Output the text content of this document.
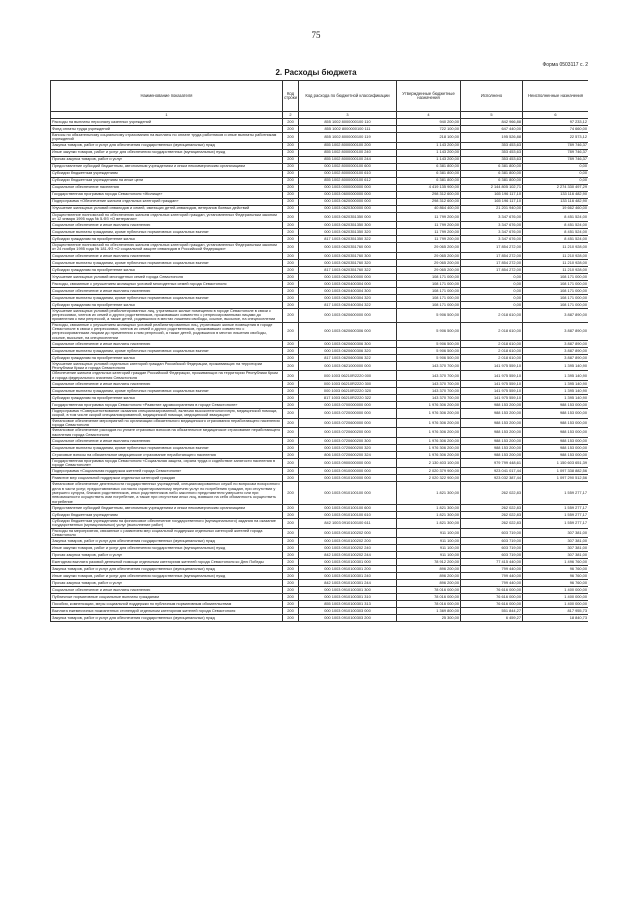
75
Форма 0503117 с. 2
2. Расходы бюджета
Наименование показателя	Код строки	Код расхода по бюджетной классификации	Утвержденные бюджетные назначения	Исполнено	Неисполненные назначения
1	2	3	4	5	6
Расходы на выплаты персоналу казенных учреждений	200	855 1002 8000000100 110	940 200,00	842 966,88	97 233,12
Фонд оплаты труда учреждений	200	855 1002 8000000100 111	722 100,00	647 440,00	74 660,00
Взносы по обязательному социальному страхованию на выплаты по оплате труда работников и иные выплаты работникам учреждений	200	855 1002 8000000100 119	218 100,00	195 526,88	22 573,12
Закупка товаров, работ и услуг для обеспечения государственных (муниципальных) нужд	200	855 1002 8000000100 200	1 143 200,00	353 453,63	789 746,37
Иные закупки товаров, работ и услуг для обеспечения государственных (муниципальных) нужд	200	855 1002 8000000100 240	1 143 200,00	353 453,63	789 746,37
Прочая закупка товаров, работ и услуг	200	855 1002 8000000100 244	1 143 200,00	353 453,63	789 746,37
Предоставление субсидий бюджетным, автономным учреждениям и иным некоммерческим организациям	200	000 1002 8000000100 600	6 381 800,00	6 381 800,00	0,00
Субсидии бюджетным учреждениям	200	000 1002 8000000100 610	6 381 800,00	6 381 800,00	0,00
Субсидии бюджетным учреждениям на иные цели	200	855 1002 8000000100 612	6 381 800,00	6 381 800,00	0,00
Социальное обеспечение населения	200	000 1003 0000000000 000	4 419 135 900,00	2 144 805 102,71	2 274 330 497,29
Государственная программа города Севастополя «Жилище»	200	000 1003 0600000000 000	298 312 600,00	165 196 117,10	133 116 482,90
Подпрограмма «Обеспечение жильем отдельных категорий граждан»	200	000 1003 0620000000 000	298 312 600,00	165 196 117,10	133 116 482,90
Улучшение жилищных условий инвалидов и семей, имеющих детей-инвалидов, ветеранов боевых действий	200	000 1003 0620300000 000	40 864 400,00	21 201 940,00	19 662 460,00
Осуществление полномочий по обеспечению жильем отдельных категорий граждан, установленных Федеральным законом от 12 января 1995 года № 5-ФЗ «О ветеранах»	200	000 1003 0620351350 000	11 799 200,00	3 347 676,00	8 451 524,00
Социальное обеспечение и иные выплаты населению	200	000 1003 0620351350 300	11 799 200,00	3 347 676,00	8 451 524,00
Социальные выплаты гражданам, кроме публичных нормативных социальных выплат	200	000 1003 0620351350 320	11 799 200,00	3 347 676,00	8 451 524,00
Субсидии гражданам на приобретение жилья	200	817 1003 0620351350 322	11 799 200,00	3 347 676,00	8 451 524,00
Осуществление полномочий по обеспечению жильем отдельных категорий граждан, установленных Федеральным законом от 24 ноября 1995 года № 181-ФЗ «О социальной защите инвалидов в Российской Федерации»	200	000 1003 0620351760 000	29 065 200,00	17 854 272,00	11 210 928,00
Социальное обеспечение и иные выплаты населению	200	000 1003 0620351760 300	29 065 200,00	17 854 272,00	11 210 928,00
Социальные выплаты гражданам, кроме публичных нормативных социальных выплат	200	000 1003 0620351760 320	29 065 200,00	17 854 272,00	11 210 928,00
Субсидии гражданам на приобретение жилья	200	817 1003 0620351760 322	29 065 200,00	17 854 272,00	11 210 928,00
Улучшение жилищных условий многодетных семей города Севастополя	200	000 1003 0620400000 000	108 171 000,00	0,00	108 171 000,00
Расходы, связанные с улучшением жилищных условий многодетных семей города Севастополя	200	000 1003 0620400304 000	108 171 000,00	0,00	108 171 000,00
Социальное обеспечение и иные выплаты населению	200	000 1003 0620400304 300	108 171 000,00	0,00	108 171 000,00
Социальные выплаты гражданам, кроме публичных нормативных социальных выплат	200	000 1003 0620400304 320	108 171 000,00	0,00	108 171 000,00
Субсидии гражданам на приобретение жилья	200	817 1003 0620400304 322	108 171 000,00	0,00	108 171 000,00
Улучшение жилищных условий реабилитированных лиц, утративших жилые помещения в городе Севастополе в связи с репрессиями, членов их семей и других родственников, проживавших совместно с репрессированными лицами до применения к ним репрессий, а также детей, родившихся в местах лишения свободы, ссылке, высылке, на спецпоселении	200	000 1003 0620600000 000	5 906 500,00	2 018 610,00	3 887 890,00
Расходы, связанные с улучшением жилищных условий реабилитированных лиц, утративших жилые помещения в городе Севастополе в связи с репрессиями, членов их семей и других родственников, проживавших совместно с репрессированными лицами до применения к ним репрессий, а также детей, родившихся в местах лишения свободы, ссылке, высылке, на спецпоселении	200	000 1003 0620600306 000	5 906 500,00	2 018 610,00	3 887 890,00
Социальное обеспечение и иные выплаты населению	200	000 1003 0620600306 300	5 906 500,00	2 018 610,00	3 887 890,00
Социальные выплаты гражданам, кроме публичных нормативных социальных выплат	200	000 1003 0620600306 320	5 906 500,00	2 018 610,00	3 887 890,00
Субсидии гражданам на приобретение жилья	200	817 1003 0620600306 322	5 906 500,00	2 018 610,00	3 887 890,00
Улучшение жилищных условий отдельных категорий граждан Российской Федерации, проживающих на территории Республики Крым и города Севастополя	200	000 1003 0621000000 000	143 370 700,00	141 975 559,10	1 395 140,90
Обеспечение жильем отдельных категорий граждан Российской Федерации, проживающих на территории Республики Крым и города федерального значения Севастополя	200	000 1003 06210R2220 000	143 370 700,00	141 975 559,10	1 395 140,90
Социальное обеспечение и иные выплаты населению	200	000 1003 06210R2220 300	143 370 700,00	141 975 559,10	1 395 140,90
Социальные выплаты гражданам, кроме публичных нормативных социальных выплат	200	000 1003 06210R2220 320	143 370 700,00	141 975 559,10	1 395 140,90
Субсидии гражданам на приобретение жилья	200	817 1003 06210R2220 322	143 370 700,00	141 975 559,10	1 395 140,90
Государственная программа города Севастополя «Развитие здравоохранения в городе Севастополе»	200	000 1003 0700000000 000	1 976 306 200,00	988 153 200,00	988 153 000,00
Подпрограмма «Совершенствование оказания специализированной, включая высокотехнологичную, медицинской помощи, скорой, в том числе скорой специализированной, медицинской помощи, медицинской эвакуации»	200	000 1003 0720000000 000	1 976 306 200,00	988 153 200,00	988 153 000,00
Финансовое обеспечение мероприятий по организации обязательного медицинского страхования неработающего населения города Севастополя	200	000 1003 0720600000 000	1 976 306 200,00	988 153 200,00	988 153 000,00
Финансовое обеспечение расходов по уплате страховых взносов на обязательное медицинское страхование неработающего населения города Севастополя	200	000 1003 0720600200 000	1 976 306 200,00	988 153 200,00	988 153 000,00
Социальное обеспечение и иные выплаты населению	200	000 1003 0720600200 300	1 976 306 200,00	988 153 200,00	988 153 000,00
Социальные выплаты гражданам, кроме публичных нормативных социальных выплат	200	000 1003 0720600200 320	1 976 306 200,00	988 153 200,00	988 153 000,00
Страховые взносы на обязательное медицинское страхование неработающего населения	200	806 1003 0720600200 324	1 976 306 200,00	988 153 200,00	988 153 000,00
Государственная программа города Севастополя «Социальная защита, охрана труда и содействие занятости населения в городе Севастополе»	200	000 1003 0900000000 000	2 130 403 100,00	979 799 448,61	1 150 603 651,39
Подпрограмма «Социальная поддержка жителей города Севастополя»	200	000 1003 0910000000 000	2 020 379 900,00	923 041 017,44	1 097 338 882,56
Развитие мер социальной поддержки отдельных категорий граждан	200	000 1003 0910100000 000	2 020 322 900,00	923 032 387,44	1 097 290 512,56
Финансовое обеспечение деятельности государственных учреждений, специализированных служб по вопросам похоронного дела в части услуг, предоставляемых согласно гарантированному перечню услуг по погребению граждан, при отсутствии у умершего супруга, близких родственников, иных родственников либо законного представителя умершего или при невозможности осуществить ими погребение, а также при отсутствии иных лиц, взявших на себя обязанность осуществить погребение	200	000 1003 0910100100 000	1 821 300,00	262 022,83	1 559 277,17
Предоставление субсидий бюджетным, автономным учреждениям и иным некоммерческим организациям	200	000 1003 0910100100 600	1 821 300,00	262 022,83	1 559 277,17
Субсидии бюджетным учреждениям	200	000 1003 0910100100 610	1 821 300,00	262 022,83	1 559 277,17
Субсидии бюджетным учреждениям на финансовое обеспечение государственного (муниципального) задания на оказание государственных (муниципальных) услуг (выполнение работ)	200	842 1003 0910100100 611	1 821 300,00	262 022,83	1 559 277,17
Расходы на мероприятия, связанные с развитием мер социальной поддержки отдельных категорий жителей города Севастополя	200	000 1003 0910100202 000	911 100,00	603 719,00	307 381,00
Закупка товаров, работ и услуг для обеспечения государственных (муниципальных) нужд	200	000 1003 0910100202 200	911 100,00	603 719,00	307 381,00
Иные закупки товаров, работ и услуг для обеспечения государственных (муниципальных) нужд	200	000 1003 0910100202 240	911 100,00	603 719,00	307 381,00
Прочая закупка товаров, работ и услуг	200	842 1003 0910100202 244	911 100,00	603 719,00	307 381,00
Ежегодная выплата разовой денежной помощи отдельным категориям жителей города Севастополя ко Дню Победы	200	000 1003 0910100301 000	78 912 200,00	77 415 440,00	1 496 760,00
Закупка товаров, работ и услуг для обеспечения государственных (муниципальных) нужд	200	000 1003 0910100301 200	896 200,00	799 440,00	96 760,00
Иные закупки товаров, работ и услуг для обеспечения государственных (муниципальных) нужд	200	000 1003 0910100301 240	896 200,00	799 440,00	96 760,00
Прочая закупка товаров, работ и услуг	200	842 1003 0910100301 244	896 200,00	799 440,00	96 760,00
Социальное обеспечение и иные выплаты населению	200	000 1003 0910100301 300	78 016 000,00	76 616 000,00	1 400 000,00
Публичные нормативные социальные выплаты гражданам	200	000 1003 0910100301 310	78 016 000,00	76 616 000,00	1 400 000,00
Пособия, компенсации, меры социальной поддержки по публичным нормативным обязательствам	200	855 1003 0910100301 313	78 016 000,00	76 616 000,00	1 400 000,00
Выплата ежемесячных пожизненных стипендий отдельным категориям жителей города Севастополя	200	000 1003 0910100303 000	1 369 800,00	551 844,27	817 955,73
Закупка товаров, работ и услуг для обеспечения государственных (муниципальных) нужд	200	000 1003 0910100303 200	25 300,00	6 459,27	18 840,73
